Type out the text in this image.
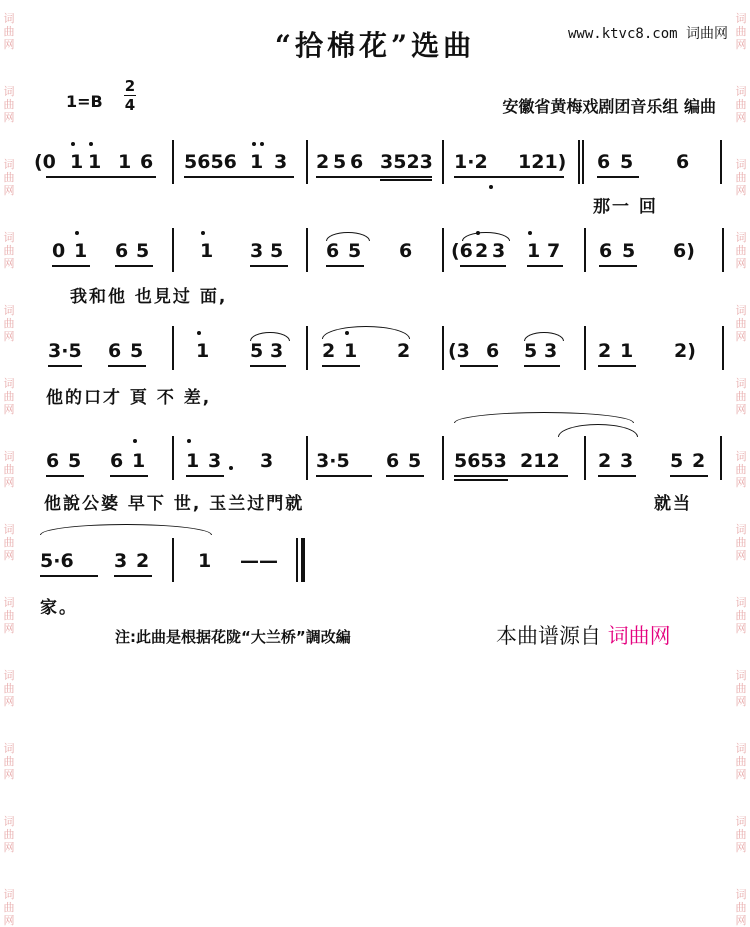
词
曲
网
词
曲
网
词
曲
网
词
曲
网
词
曲
网
词
曲
网
词
曲
网
词
曲
网
词
曲
网
词
曲
网
词
曲
网
词
曲
网
词
曲
网
词
曲
网
词
曲
网
词
曲
网
词
曲
网
词
曲
网
词
曲
网
词
曲
网
词
曲
网
词
曲
网
词
曲
网
词
曲
网
词
曲
网
词
曲
网
“拾棉花”选曲	www.ktvc8.com 词曲网
1=B
2
4	安徽省黄梅戏剧团音乐组 编曲
(0 1 1 1 6 5656 1 3 2 5 6 3523 1·2 121) 6 5 6
那一 回
0 1 6 5	1 3 5 6 5 6 (6 2 3 1 7 6 5 6)
我和他 也見过 面,
3·5 6 5	1 5 3 2 1 2 (3 6 5 3 2 1 2)
他的口才 頁 不 差,
6 5 6 1 1 3 3 3·5 6 5 5653 212 2 3 5 2
他說公婆 早下 世, 玉兰过門就	就当
5·6 3 2	1 ——
家。
注:此曲是根据花陇“大兰桥”調改編	本曲谱源自 词曲网
